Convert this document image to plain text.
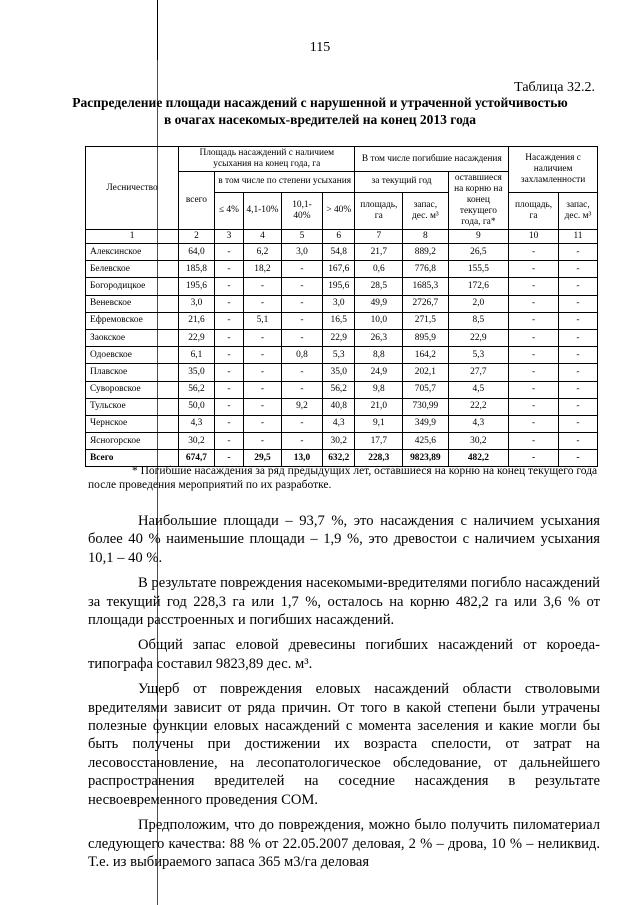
115
Таблица 32.2.
Распределение площади насаждений с нарушенной и утраченной устойчивостью в очагах насекомых-вредителей на конец 2013 года
Лесничество	Площадь насаждений с наличием усыхания на конец года, га					В том числе погибшие насаждения			Насаждения с наличием захламленности	
	всего	в том числе по степени усыхания				за текущий год		оставшиеся на корню на конец текущего года, га*		
		≤ 4%	4,1-10%	10,1-40%	> 40%	площадь, га	запас, дес. м³		площадь, га	запас, дес. м³
1	2	3	4	5	6	7	8	9	10	11
Алексинское	64,0	-	6,2	3,0	54,8	21,7	889,2	26,5	-	-
Белевское	185,8	-	18,2	-	167,6	0,6	776,8	155,5	-	-
Богородицкое	195,6	-	-	-	195,6	28,5	1685,3	172,6	-	-
Веневское	3,0	-	-	-	3,0	49,9	2726,7	2,0	-	-
Ефремовское	21,6	-	5,1	-	16,5	10,0	271,5	8,5	-	-
Заокское	22,9	-	-	-	22,9	26,3	895,9	22,9	-	-
Одоевское	6,1	-	-	0,8	5,3	8,8	164,2	5,3	-	-
Плавское	35,0	-	-	-	35,0	24,9	202,1	27,7	-	-
Суворовское	56,2	-	-	-	56,2	9,8	705,7	4,5	-	-
Тульское	50,0	-	-	9,2	40,8	21,0	730,99	22,2	-	-
Чернское	4,3	-	-	-	4,3	9,1	349,9	4,3	-	-
Ясногорское	30,2	-	-	-	30,2	17,7	425,6	30,2	-	-
Всего	674,7	-	29,5	13,0	632,2	228,3	9823,89	482,2	-	-
* Погибшие насаждения за ряд предыдущих лет, оставшиеся на корню на конец текущего года после проведения мероприятий по их разработке.

Наибольшие площади – 93,7 %, это насаждения с наличием усыхания более 40 % наименьшие площади – 1,9 %, это древостои с наличием усыхания 10,1 – 40 %.

В результате повреждения насекомыми-вредителями погибло насаждений за текущий год 228,3 га или 1,7 %, осталось на корню 482,2 га или 3,6 % от площади расстроенных и погибших насаждений.

Общий запас еловой древесины погибших насаждений от короеда-типографа составил 9823,89 дес. м³.

Ущерб от повреждения еловых насаждений области стволовыми вредителями зависит от ряда причин. От того в какой степени были утрачены полезные функции еловых насаждений с момента заселения и какие могли бы быть получены при достижении их возраста спелости, от затрат на лесовосстановление, на лесопатологическое обследование, от дальнейшего распространения вредителей на соседние насаждения в результате несвоевременного проведения СОМ.

Предположим, что до повреждения, можно было получить пиломатериал следующего качества: 88 % от 22.05.2007 деловая, 2 % – дрова, 10 % – неликвид. Т.е. из выбираемого запаса 365 м3/га деловая
